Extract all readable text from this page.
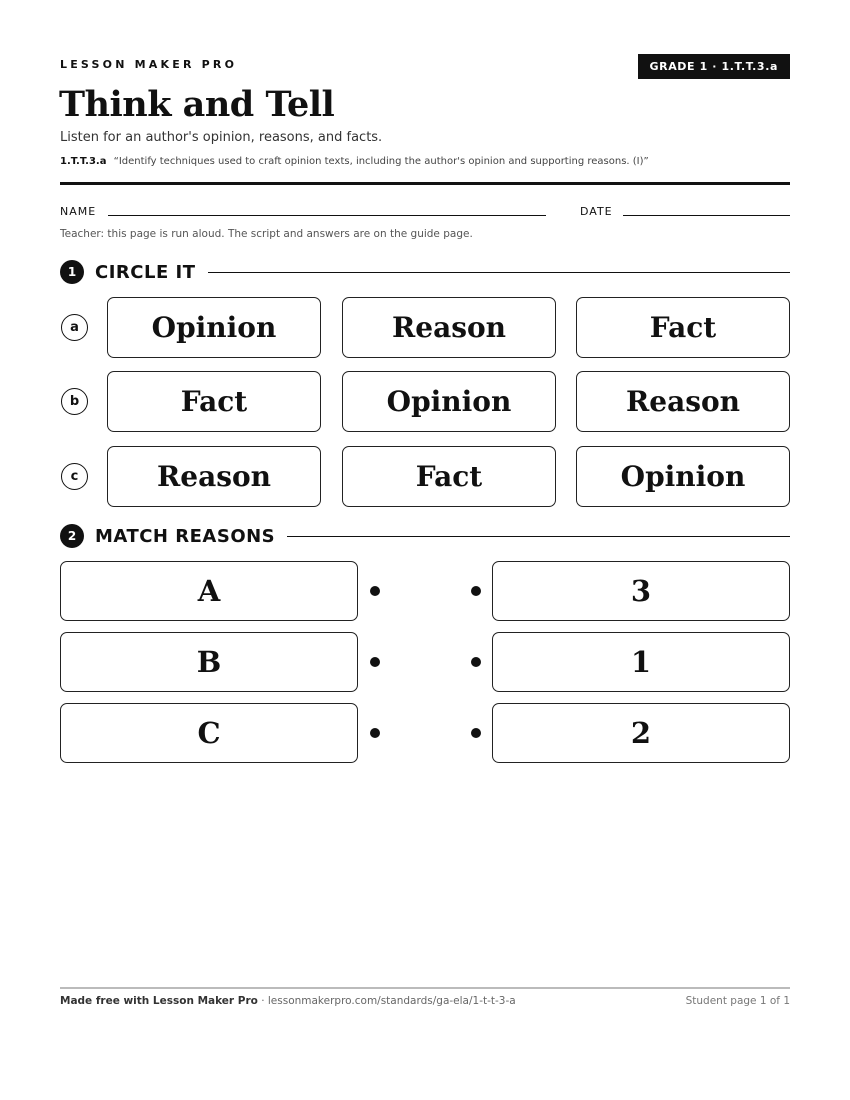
LESSON MAKER PRO	GRADE 1 · 1.T.T.3.a
Think and Tell
Listen for an author's opinion, reasons, and facts.
1.T.T.3.a “Identify techniques used to craft opinion texts, including the author's opinion and supporting reasons. (I)”
NAME	DATE
Teacher: this page is run aloud. The script and answers are on the guide page.
1	CIRCLE IT
a	Opinion	Reason	Fact
b	Fact	Opinion	Reason
c	Reason	Fact	Opinion
2	MATCH REASONS
A	3
B	1
C	2
Made free with Lesson Maker Pro · lessonmakerpro.com/standards/ga-ela/1-t-t-3-a	Student page 1 of 1
